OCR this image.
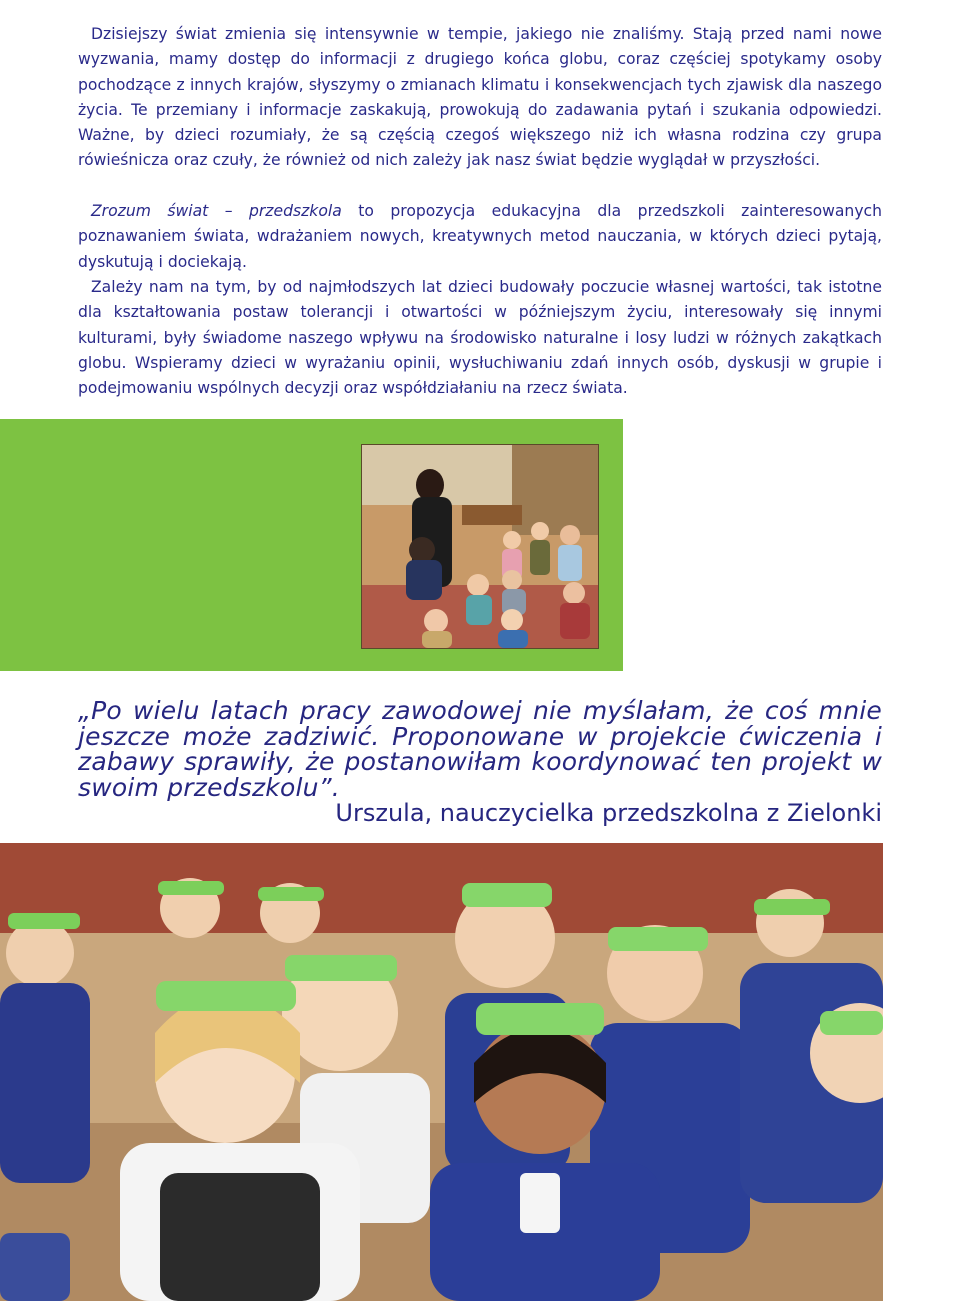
Dzisiejszy świat zmienia się intensywnie w tempie, jakiego nie znaliśmy. Stają przed nami nowe wyzwania, mamy dostęp do informacji z drugiego końca globu, coraz częściej spotykamy osoby pochodzące z innych krajów, słyszymy o zmianach klimatu i konsekwencjach tych zjawisk dla naszego życia. Te przemiany i informacje zaskakują, prowokują do zadawania pytań i szukania odpowiedzi. Ważne, by dzieci rozumiały, że są częścią czegoś większego niż ich własna rodzina czy grupa rówieśnicza oraz czuły, że również od nich zależy jak nasz świat będzie wyglądał w przyszłości.

Zrozum świat – przedszkola to propozycja edukacyjna dla przedszkoli zainteresowanych poznawaniem świata, wdrażaniem nowych, kreatywnych metod nauczania, w których dzieci pytają, dyskutują i dociekają.

Zależy nam na tym, by od najmłodszych lat dzieci budowały poczucie własnej wartości, tak istotne dla kształtowania postaw tolerancji i otwartości w późniejszym życiu, interesowały się innymi kulturami, były świadome naszego wpływu na środowisko naturalne i losy ludzi w różnych zakątkach globu. Wspieramy dzieci w wyrażaniu opinii, wysłuchiwaniu zdań innych osób, dyskusji w grupie i podejmowaniu wspólnych decyzji oraz współdziałaniu na rzecz świata.

„Po wielu latach pracy zawodowej nie myślałam, że coś mnie jeszcze może zadziwić. Proponowane w projekcie ćwiczenia i zabawy sprawiły, że postanowiłam koordynować ten projekt w swoim przedszkolu”.

Urszula, nauczycielka przedszkolna z Zielonki
